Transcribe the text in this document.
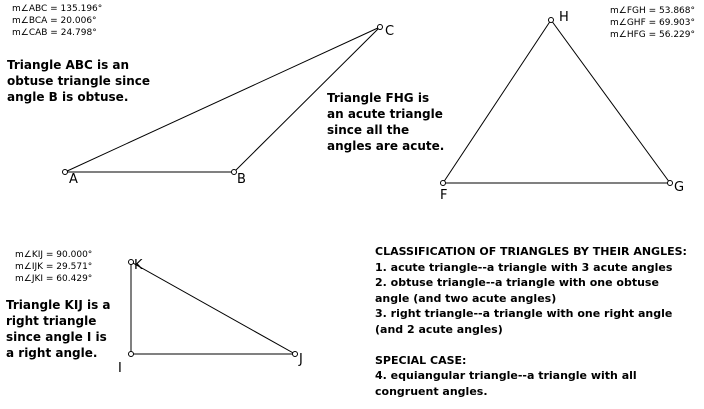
m∠ABC = 135.196°
m∠BCA = 20.006°
m∠CAB = 24.798°
Triangle ABC is an
obtuse triangle since
angle B is obtuse.
A	B
C
m∠FGH = 53.868°
m∠GHF = 69.903°
m∠HFG = 56.229°
Triangle FHG is
an acute triangle
since all the
angles are acute.
H
F
G
m∠KIJ = 90.000°
m∠IJK = 29.571°
m∠JKI = 60.429°
Triangle KIJ is a
right triangle
since angle I is
a right angle.
K
I
J
CLASSIFICATION OF TRIANGLES BY THEIR ANGLES:
1. acute triangle--a triangle with 3 acute angles
2. obtuse triangle--a triangle with one obtuse
angle (and two acute angles)
3. right triangle--a triangle with one right angle
(and 2 acute angles)
SPECIAL CASE:
4. equiangular triangle--a triangle with all
congruent angles.
